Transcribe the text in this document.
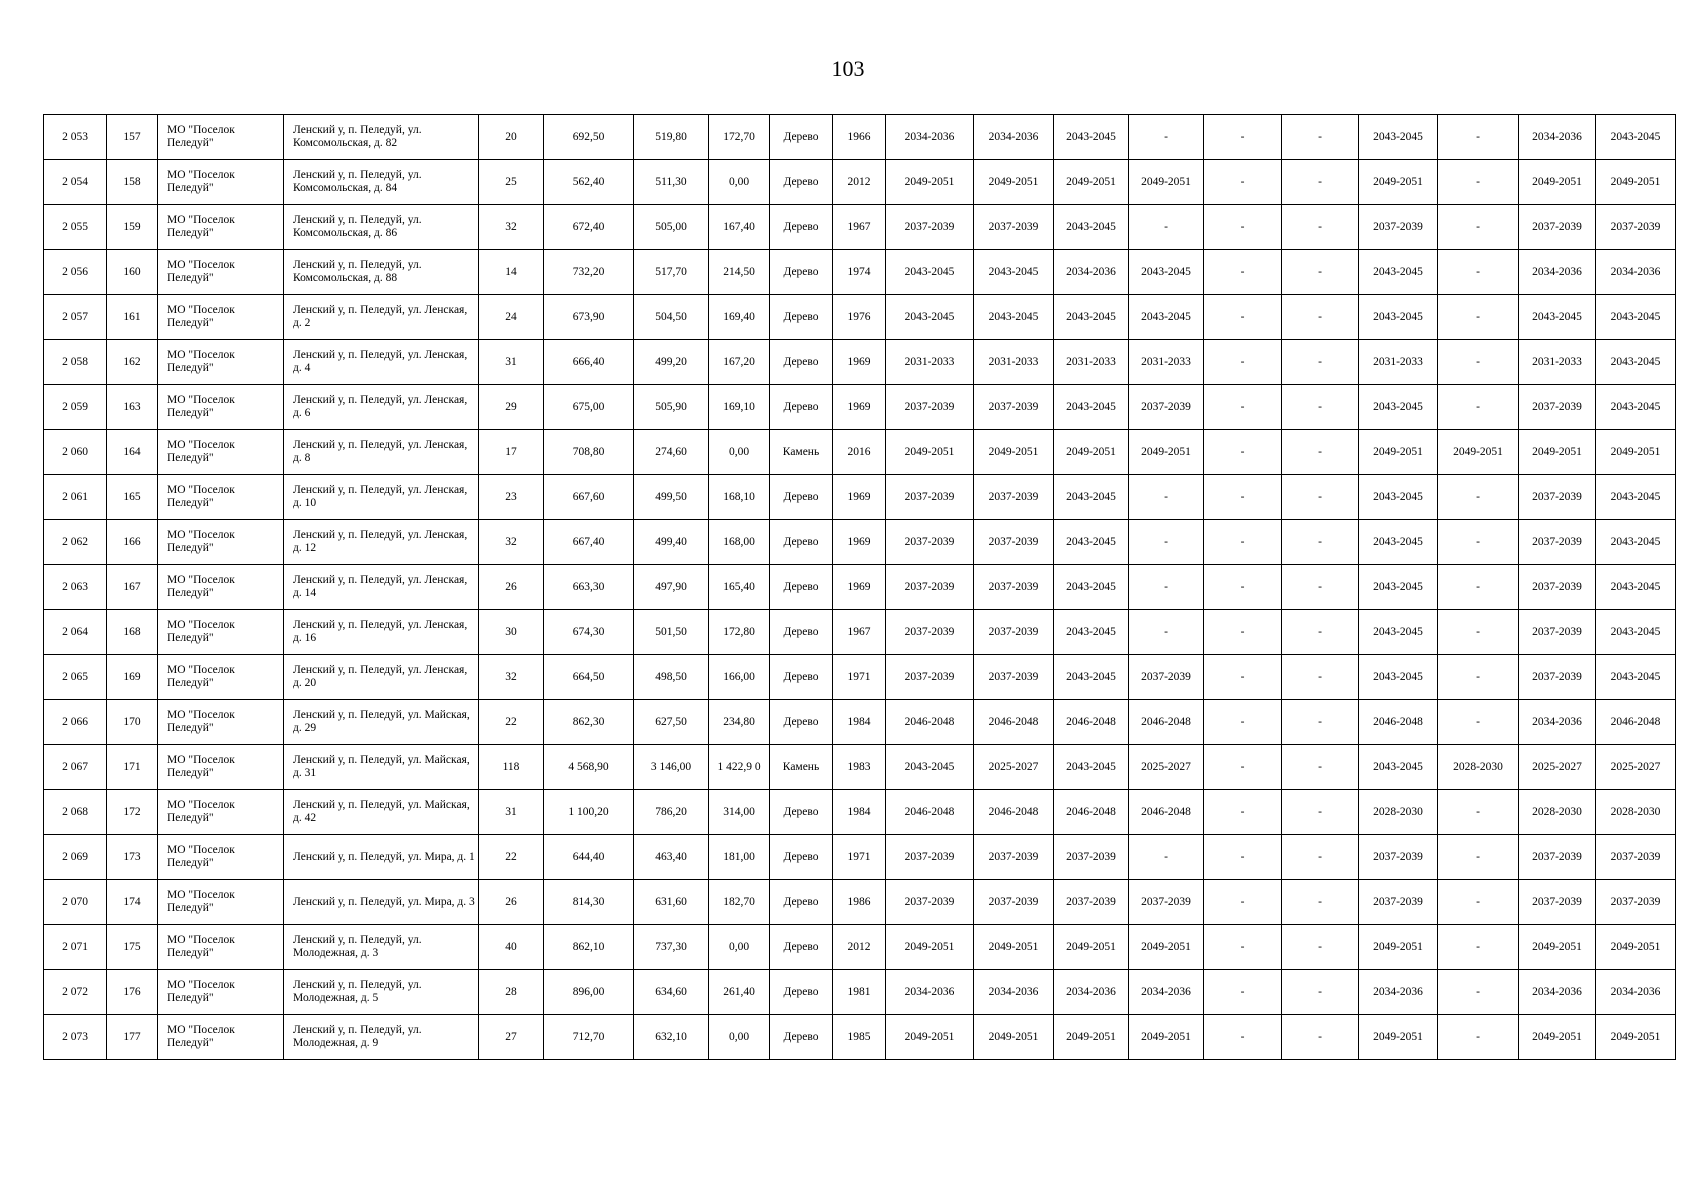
103
2 053	157	МО "Поселок Пеледуй"	Ленский у, п. Пеледуй, ул. Комсомольская, д. 82	20	692,50	519,80	172,70	Дерево	1966	2034-2036	2034-2036	2043-2045	-	-	-	2043-2045	-	2034-2036	2043-2045
2 054	158	МО "Поселок Пеледуй"	Ленский у, п. Пеледуй, ул. Комсомольская, д. 84	25	562,40	511,30	0,00	Дерево	2012	2049-2051	2049-2051	2049-2051	2049-2051	-	-	2049-2051	-	2049-2051	2049-2051
2 055	159	МО "Поселок Пеледуй"	Ленский у, п. Пеледуй, ул. Комсомольская, д. 86	32	672,40	505,00	167,40	Дерево	1967	2037-2039	2037-2039	2043-2045	-	-	-	2037-2039	-	2037-2039	2037-2039
2 056	160	МО "Поселок Пеледуй"	Ленский у, п. Пеледуй, ул. Комсомольская, д. 88	14	732,20	517,70	214,50	Дерево	1974	2043-2045	2043-2045	2034-2036	2043-2045	-	-	2043-2045	-	2034-2036	2034-2036
2 057	161	МО "Поселок Пеледуй"	Ленский у, п. Пеледуй, ул. Ленская, д. 2	24	673,90	504,50	169,40	Дерево	1976	2043-2045	2043-2045	2043-2045	2043-2045	-	-	2043-2045	-	2043-2045	2043-2045
2 058	162	МО "Поселок Пеледуй"	Ленский у, п. Пеледуй, ул. Ленская, д. 4	31	666,40	499,20	167,20	Дерево	1969	2031-2033	2031-2033	2031-2033	2031-2033	-	-	2031-2033	-	2031-2033	2043-2045
2 059	163	МО "Поселок Пеледуй"	Ленский у, п. Пеледуй, ул. Ленская, д. 6	29	675,00	505,90	169,10	Дерево	1969	2037-2039	2037-2039	2043-2045	2037-2039	-	-	2043-2045	-	2037-2039	2043-2045
2 060	164	МО "Поселок Пеледуй"	Ленский у, п. Пеледуй, ул. Ленская, д. 8	17	708,80	274,60	0,00	Камень	2016	2049-2051	2049-2051	2049-2051	2049-2051	-	-	2049-2051	2049-2051	2049-2051	2049-2051
2 061	165	МО "Поселок Пеледуй"	Ленский у, п. Пеледуй, ул. Ленская, д. 10	23	667,60	499,50	168,10	Дерево	1969	2037-2039	2037-2039	2043-2045	-	-	-	2043-2045	-	2037-2039	2043-2045
2 062	166	МО "Поселок Пеледуй"	Ленский у, п. Пеледуй, ул. Ленская, д. 12	32	667,40	499,40	168,00	Дерево	1969	2037-2039	2037-2039	2043-2045	-	-	-	2043-2045	-	2037-2039	2043-2045
2 063	167	МО "Поселок Пеледуй"	Ленский у, п. Пеледуй, ул. Ленская, д. 14	26	663,30	497,90	165,40	Дерево	1969	2037-2039	2037-2039	2043-2045	-	-	-	2043-2045	-	2037-2039	2043-2045
2 064	168	МО "Поселок Пеледуй"	Ленский у, п. Пеледуй, ул. Ленская, д. 16	30	674,30	501,50	172,80	Дерево	1967	2037-2039	2037-2039	2043-2045	-	-	-	2043-2045	-	2037-2039	2043-2045
2 065	169	МО "Поселок Пеледуй"	Ленский у, п. Пеледуй, ул. Ленская, д. 20	32	664,50	498,50	166,00	Дерево	1971	2037-2039	2037-2039	2043-2045	2037-2039	-	-	2043-2045	-	2037-2039	2043-2045
2 066	170	МО "Поселок Пеледуй"	Ленский у, п. Пеледуй, ул. Майская, д. 29	22	862,30	627,50	234,80	Дерево	1984	2046-2048	2046-2048	2046-2048	2046-2048	-	-	2046-2048	-	2034-2036	2046-2048
2 067	171	МО "Поселок Пеледуй"	Ленский у, п. Пеледуй, ул. Майская, д. 31	118	4 568,90	3 146,00	1 422,9 0	Камень	1983	2043-2045	2025-2027	2043-2045	2025-2027	-	-	2043-2045	2028-2030	2025-2027	2025-2027
2 068	172	МО "Поселок Пеледуй"	Ленский у, п. Пеледуй, ул. Майская, д. 42	31	1 100,20	786,20	314,00	Дерево	1984	2046-2048	2046-2048	2046-2048	2046-2048	-	-	2028-2030	-	2028-2030	2028-2030
2 069	173	МО "Поселок Пеледуй"	Ленский у, п. Пеледуй, ул. Мира, д. 1	22	644,40	463,40	181,00	Дерево	1971	2037-2039	2037-2039	2037-2039	-	-	-	2037-2039	-	2037-2039	2037-2039
2 070	174	МО "Поселок Пеледуй"	Ленский у, п. Пеледуй, ул. Мира, д. 3	26	814,30	631,60	182,70	Дерево	1986	2037-2039	2037-2039	2037-2039	2037-2039	-	-	2037-2039	-	2037-2039	2037-2039
2 071	175	МО "Поселок Пеледуй"	Ленский у, п. Пеледуй, ул. Молодежная, д. 3	40	862,10	737,30	0,00	Дерево	2012	2049-2051	2049-2051	2049-2051	2049-2051	-	-	2049-2051	-	2049-2051	2049-2051
2 072	176	МО "Поселок Пеледуй"	Ленский у, п. Пеледуй, ул. Молодежная, д. 5	28	896,00	634,60	261,40	Дерево	1981	2034-2036	2034-2036	2034-2036	2034-2036	-	-	2034-2036	-	2034-2036	2034-2036
2 073	177	МО "Поселок Пеледуй"	Ленский у, п. Пеледуй, ул. Молодежная, д. 9	27	712,70	632,10	0,00	Дерево	1985	2049-2051	2049-2051	2049-2051	2049-2051	-	-	2049-2051	-	2049-2051	2049-2051
